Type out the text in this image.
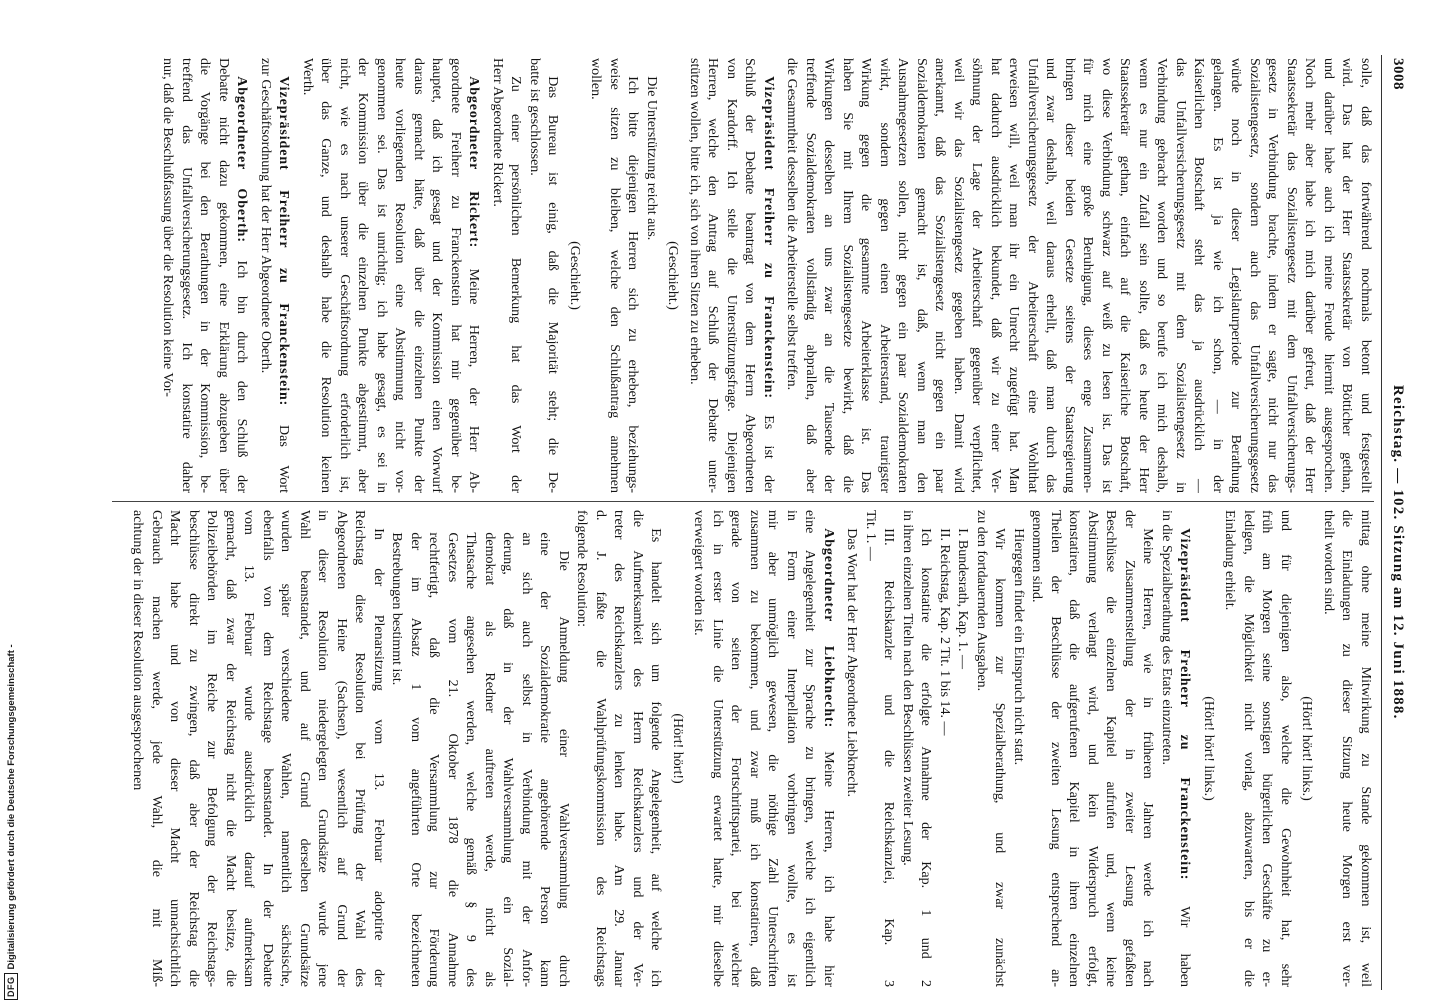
3008
Reichstag. — 102. Sitzung am 12. Juni 1888.
solle, daß das fortwährend nochmals betont und festgestellt
wird. Das hat der Herr Staatssekretär von Bötticher gethan,
und darüber habe auch ich meine Freude hiermit ausgesprochen.
Noch mehr aber habe ich mich darüber gefreut, daß der Herr
Staatssekretär das Sozialistengesetz mit dem Unfallversicherungs-
gesetz in Verbindung brachte, indem er sagte, nicht nur das
Sozialistengesetz, sondern auch das Unfallversicherungsgesetz
würde noch in dieser Legislaturperiode zur Berathung
gelangen. Es ist ja wie ich schon, — in der
Kaiserlichen Botschaft steht das ja ausdrücklich —
das Unfallversicherungsgesetz mit dem Sozialistengesetz in
Verbindung gebracht worden und so berufe ich mich deshalb,
wenn es nur ein Zufall sein sollte, daß es heute der Herr
Staatssekretär gethan, einfach auf die Kaiserliche Botschaft,
wo diese Verbindung schwarz auf weiß zu lesen ist. Das ist
für mich eine große Beruhigung, dieses enge Zusammen-
bringen dieser beiden Gesetze seitens der Staatsregierung
und zwar deshalb, weil daraus erhellt, daß man durch das
Unfallversicherungsgesetz der Arbeiterschaft eine Wohlthat
erweisen will, weil man ihr ein Unrecht zugefügt hat. Man
hat dadurch ausdrücklich bekundet, daß wir zu einer Ver-
söhnung der Lage der Arbeiterschaft gegenüber verpflichtet,
weil wir das Sozialistengesetz gegeben haben. Damit wird
anerkannt, daß das Sozialistengesetz nicht gegen ein paar
Sozialdemokraten gemacht ist, daß, wenn man den
Ausnahmegesetzen sollen, nicht gegen ein paar Sozialdemokraten
wirkt, sondern gegen einen Arbeiterstand, traurigster
Wirkung gegen die gesammte Arbeiterklasse ist. Das
haben Sie mit Ihrem Sozialistengesetze bewirkt, daß die
Wirkungen desselben an uns zwar an die Tausende der
treffende Sozialdemokraten vollständig abprallen, daß aber
die Gesammtheit desselben die Arbeiterstelle selbst treffen.
Vizepräsident Freiherr zu Franckenstein: Es ist der
Schluß der Debatte beantragt von dem Herrn Abgeordneten
von Kardorff. Ich stelle die Unterstützungsfrage. Diejenigen
Herren, welche den Antrag auf Schluß der Debatte unter-
stützen wollen, bitte ich, sich von ihren Sitzen zu erheben.
(Geschieht.)
Die Unterstützung reicht aus.
Ich bitte diejenigen Herren sich zu erheben, beziehungs-
weise sitzen zu bleiben, welche den Schlußantrag annehmen
wollen.
(Geschieht.)
Das Bureau ist einig, daß die Majorität steht; die De-
batte ist geschlossen.
Zu einer persönlichen Bemerkung hat das Wort der
Herr Abgeordnete Rickert.
Abgeordneter Rickert: Meine Herren, der Herr Ab-
geordnete Freiherr zu Franckenstein hat mir gegenüber be-
hauptet, daß ich gesagt und der Kommission einen Vorwurf
daraus gemacht hätte, daß über die einzelnen Punkte der
heute vorliegenden Resolution eine Abstimmung nicht vor-
genommen sei. Das ist unrichtig; ich habe gesagt, es sei in
der Kommission über die einzelnen Punkte abgestimmt, aber
nicht, wie es nach unserer Geschäftsordnung erforderlich ist,
über das Ganze, und deshalb habe die Resolution keinen
Werth.
Vizepräsident Freiherr zu Franckenstein: Das Wort
zur Geschäftsordnung hat der Herr Abgeordnete Oberth.
Abgeordneter Oberth: Ich bin durch den Schluß der
Debatte nicht dazu gekommen, eine Erklärung abzugeben über
die Vorgänge bei den Berathungen in der Kommission, be-
treffend das Unfallversicherungsgesetz. Ich konstatire daher
nur, daß die Beschlußfassung über die Resolution keine Vor-
mittag ohne meine Mitwirkung zu Stande gekommen ist, weil
die Einladungen zu dieser Sitzung heute Morgen erst ver-
theilt worden sind.
(Hört! hört! links.)
und für diejenigen also, welche die Gewohnheit hat, sehr
früh am Morgen seine sonstigen bürgerlichen Geschäfte zu er-
ledigen, die Möglichkeit nicht vorlag, abzuwarten, bis er die
Einladung erhielt.
(Hört! hört! links.)
Vizepräsident Freiherr zu Franckenstein: Wir haben
in die Spezialberathung des Etats einzutreten.
Meine Herren, wie in früheren Jahren werde ich nach
der Zusammenstellung der in zweiter Lesung gefaßten
Beschlüsse die einzelnen Kapitel aufrufen und, wenn keine
Abstimmung verlangt wird, und kein Widerspruch erfolgt,
konstatiren, daß die aufgerufenen Kapitel in ihren einzelnen
Theilen der Beschlüsse der zweiten Lesung entsprechend an-
genommen sind.
Hiergegen findet ein Einspruch nicht statt.
Wir kommen zur Spezialberathung, und zwar zunächst
zu den fortdauernden Ausgaben.
I. Bundesrath, Kap. 1. —
II. Reichstag, Kap. 2 Tit. 1 bis 14. —
Ich konstatire die erfolgte Annahme der Kap. 1 und 2
in ihren einzelnen Titeln nach den Beschlüssen zweiter Lesung.
III. Reichskanzler und die Reichskanzlei, Kap. 3
Tit. 1. —
Das Wort hat der Herr Abgeordnete Liebknecht.
Abgeordneter Liebknecht: Meine Herren, ich habe hier
eine Angelegenheit zur Sprache zu bringen, welche ich eigentlich
in Form einer Interpellation vorbringen wollte, es ist
mir aber unmöglich gewesen, die nöthige Zahl Unterschriften
zusammen zu bekommen, und zwar muß ich konstatiren, daß
gerade von seiten der Fortschrittspartei, bei welcher
ich in erster Linie die Unterstützung erwartet hatte, mir dieselbe
verweigert worden ist.
(Hört! hört!)
Es handelt sich um folgende Angelegenheit, auf welche ich
die Aufmerksamkeit des Herrn Reichskanzlers und der Ver-
treter des Reichskanzlers zu lenken habe. Am 29. Januar
d. J. faßte die Wahlprüfungskommission des Reichstags
folgende Resolution:
Die Anmeldung einer Wahlversammlung durch
eine der Sozialdemokratie angehörende Person kann
an sich auch selbst in Verbindung mit der Anfor-
derung, daß in der Wahlversammlung ein Sozial-
demokrat als Redner auftreten werde, nicht als
Thatsache angesehen werden, welche gemäß § 9 des
Gesetzes vom 21. Oktober 1878 die Annahme
rechtfertigt, daß die Versammlung zur Förderung
der im Absatz 1 vom angeführten Orte bezeichneten
Bestrebungen bestimmt ist.
In der Plenarsitzung vom 13. Februar adoptirte der
Reichstag diese Resolution bei Prüfung der Wahl des
Abgeordneten Heine (Sachsen), wesentlich auf Grund der
in dieser Resolution niedergelegten Grundsätze wurde jene
Wahl beanstandet, und auf Grund derselben Grundsätze
wurden später verschiedene Wahlen, namentlich sächsische,
ebenfalls von dem Reichstage beanstandet. In der Debatte
vom 13. Februar wurde ausdrücklich darauf aufmerksam
gemacht, daß zwar der Reichstag nicht die Macht besitze, die
Polizeibehörden im Reiche zur Befolgung der Reichstags-
beschlüsse direkt zu zwingen, daß aber der Reichstag die
Macht habe und von dieser Macht unnachsichtlich
Gebrauch machen werde, jede Wahl, die mit Miß-
achtung der in dieser Resolution ausgesprochenen
DFG
Digitalisierung gefördert durch die Deutsche Forschungsgemeinschaft -
